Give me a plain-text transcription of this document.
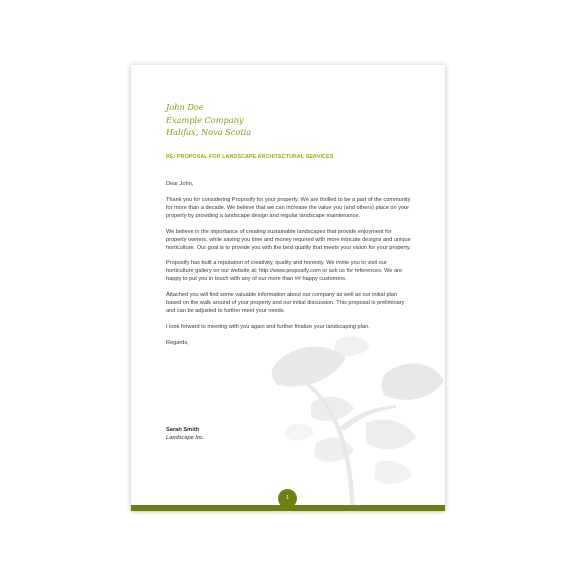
John Doe
Example Company
Halifax, Nova Scotia
RE: PROPOSAL FOR LANDSCAPE ARCHITECTURAL SERVICES

Dear John,

Thank you for considering Proposify for your property. We are thrilled to be a part of the community for more than a decade. We believe that we can increase the value you (and others) place on your property by providing a landscape design and regular landscape maintenance.

We believe in the importance of creating sustainable landscapes that provide enjoyment for property owners, while saving you time and money required with more intricate designs and unique horticulture. Our goal is to provide you with the best quality that meets your vision for your property.

Proposify has built a reputation of creativity, quality and honesty. We invite you to visit our horticulture gallery on our website at: http://www.proposify.com or ask us for references. We are happy to put you in touch with any of our more than ## happy customers.

Attached you will find some valuable information about our company as well as our initial plan based on the walk around of your property and our initial discussion. This proposal is preliminary and can be adjusted to further meet your needs.

I look forward to meeting with you again and further finalize your landscaping plan.

Regards,

Sarah Smith
Landscape Inc.
1
